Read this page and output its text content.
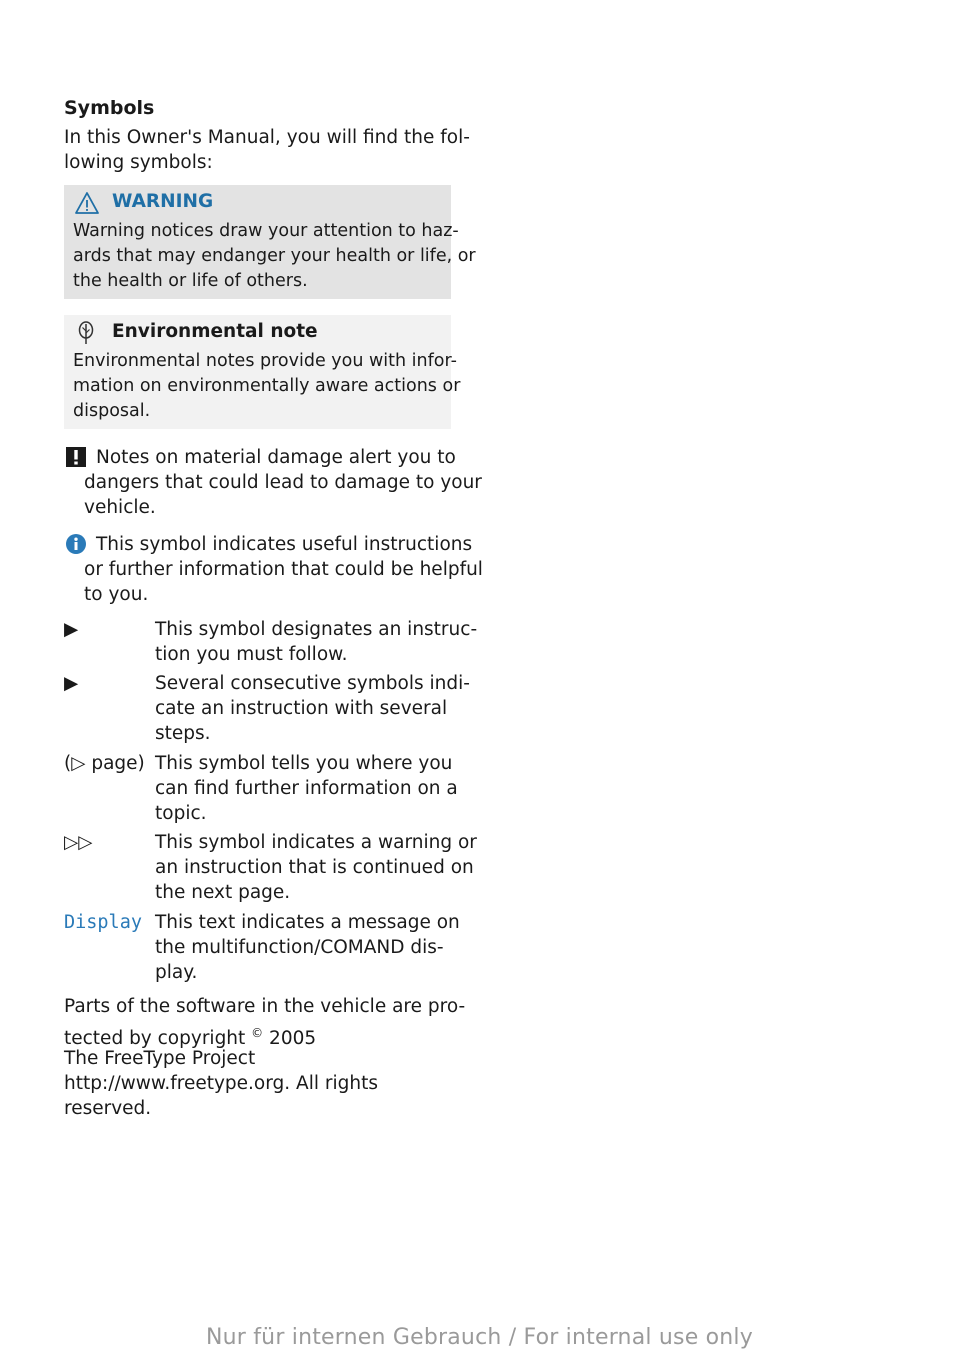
Symbols
In this Owner's Manual, you will find the fol-
lowing symbols:
WARNING
Warning notices draw your attention to haz-
ards that may endanger your health or life, or
the health or life of others.
Environmental note
Environmental notes provide you with infor-
mation on environmentally aware actions or
disposal.
Notes on material damage alert you to
dangers that could lead to damage to your
vehicle.
This symbol indicates useful instructions
or further information that could be helpful
to you.
▶	This symbol designates an instruc-
tion you must follow.
▶	Several consecutive symbols indi-
cate an instruction with several
steps.
(▷ page) This symbol tells you where you
can find further information on a
topic.
▷▷	This symbol indicates a warning or
an instruction that is continued on
the next page.
Display This text indicates a message on
the multifunction/COMAND dis-
play.
Parts of the software in the vehicle are pro-
tected by copyright © 2005
The FreeType Project
http://www.freetype.org. All rights
reserved.
Nur für internen Gebrauch / For internal use only
